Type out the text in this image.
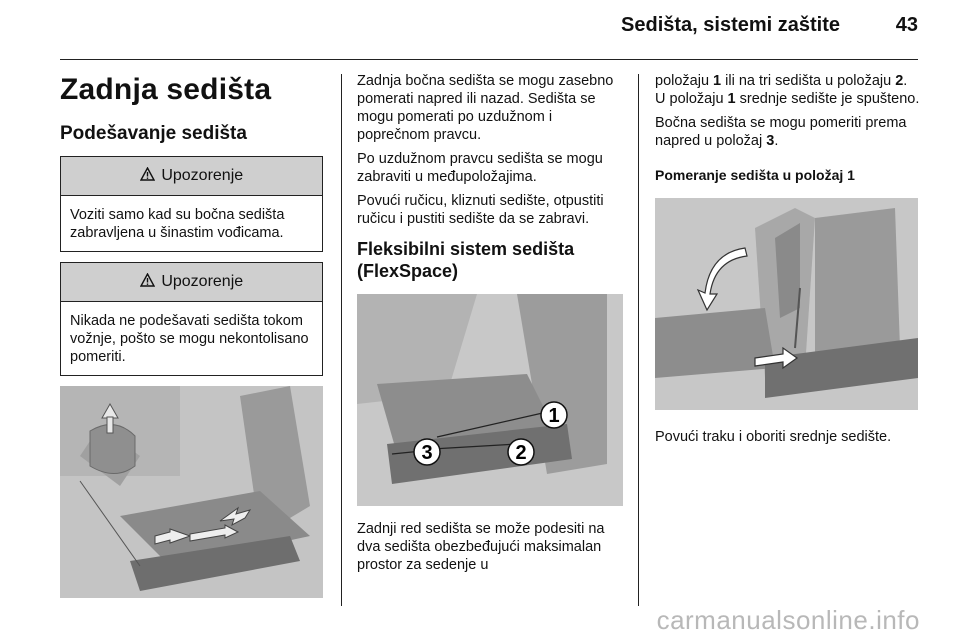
Sedišta, sistemi zaštite	43
Zadnja sedišta
Podešavanje sedišta
Upozorenje
Voziti samo kad su bočna sedišta zabravljena u šinastim vođicama.
Upozorenje
Nikada ne podešavati sedišta tokom vožnje, pošto se mogu nekontolisano pomeriti.

Zadnja bočna sedišta se mogu zasebno pomerati napred ili nazad. Sedišta se mogu pomerati po uzdužnom i poprečnom pravcu.

Po uzdužnom pravcu sedišta se mogu zabraviti u međupoložajima.

Povući ručicu, kliznuti sedište, otpustiti ručicu i pustiti sedište da se zabravi.

Fleksibilni sistem sedišta (FlexSpace)
1
2
3

Zadnji red sedišta se može podesiti na dva sedišta obezbeđujući maksimalan prostor za sedenje u

položaju 1 ili na tri sedišta u položaju 2. U položaju 1 srednje sedište je spušteno.

Bočna sedišta se mogu pomeriti prema napred u položaj 3.

Pomeranje sedišta u položaj 1

Povući traku i oboriti srednje sedište.

carmanualsonline.info
